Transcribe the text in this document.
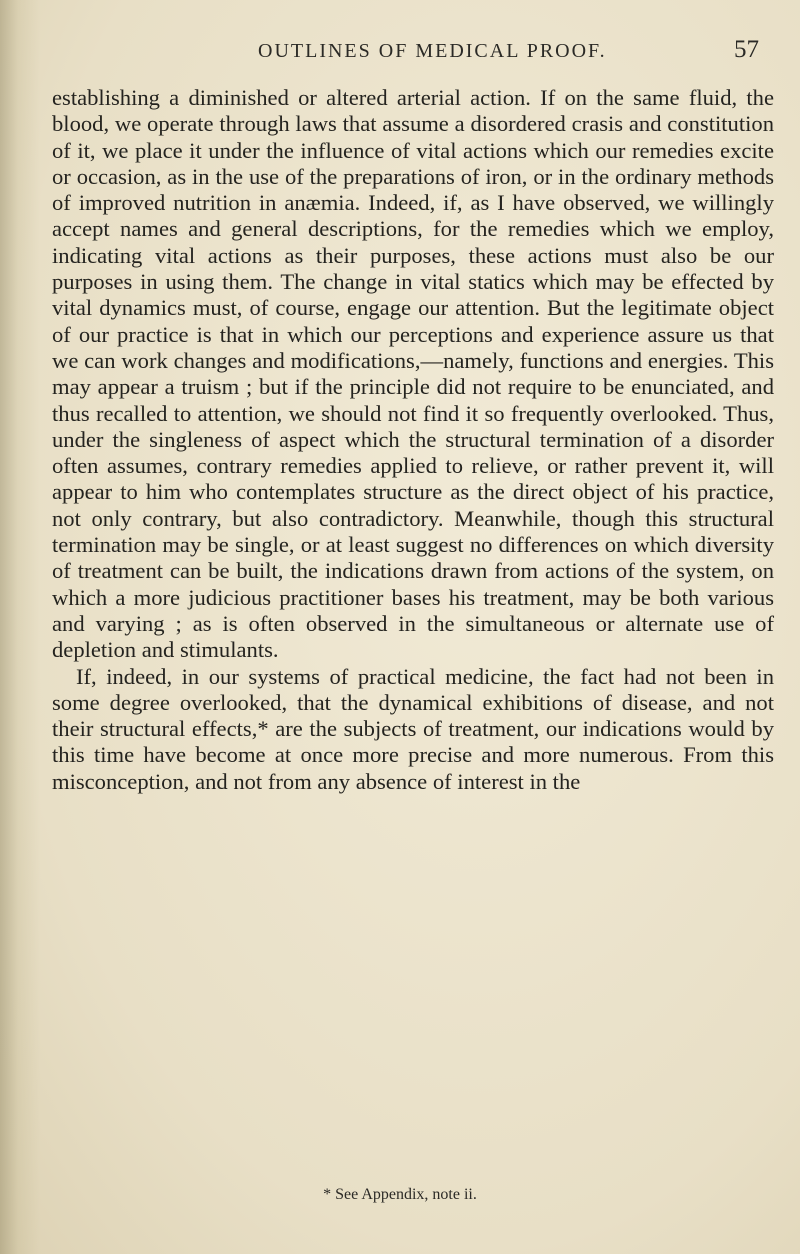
OUTLINES OF MEDICAL PROOF.	57

establishing a diminished or altered arterial action. If on the same fluid, the blood, we operate through laws that assume a disordered crasis and constitution of it, we place it under the influence of vital actions which our remedies excite or occasion, as in the use of the preparations of iron, or in the ordinary methods of improved nutrition in anæmia. Indeed, if, as I have observed, we willingly accept names and general descriptions, for the remedies which we employ, indicating vital actions as their purposes, these actions must also be our purposes in using them. The change in vital statics which may be effected by vital dynamics must, of course, engage our attention. But the legitimate object of our practice is that in which our perceptions and experience assure us that we can work changes and modifications,—namely, functions and energies. This may appear a truism ; but if the principle did not require to be enunciated, and thus recalled to attention, we should not find it so frequently overlooked. Thus, under the singleness of aspect which the structural termination of a disorder often assumes, contrary remedies applied to relieve, or rather prevent it, will appear to him who contemplates structure as the direct object of his practice, not only contrary, but also contradictory. Meanwhile, though this structural termination may be single, or at least suggest no differences on which diversity of treatment can be built, the indications drawn from actions of the system, on which a more judicious practitioner bases his treatment, may be both various and varying ; as is often observed in the simultaneous or alternate use of depletion and stimulants.

If, indeed, in our systems of practical medicine, the fact had not been in some degree overlooked, that the dynamical exhibitions of disease, and not their structural effects,* are the subjects of treatment, our indications would by this time have become at once more precise and more numerous. From this misconception, and not from any absence of interest in the

* See Appendix, note ii.
